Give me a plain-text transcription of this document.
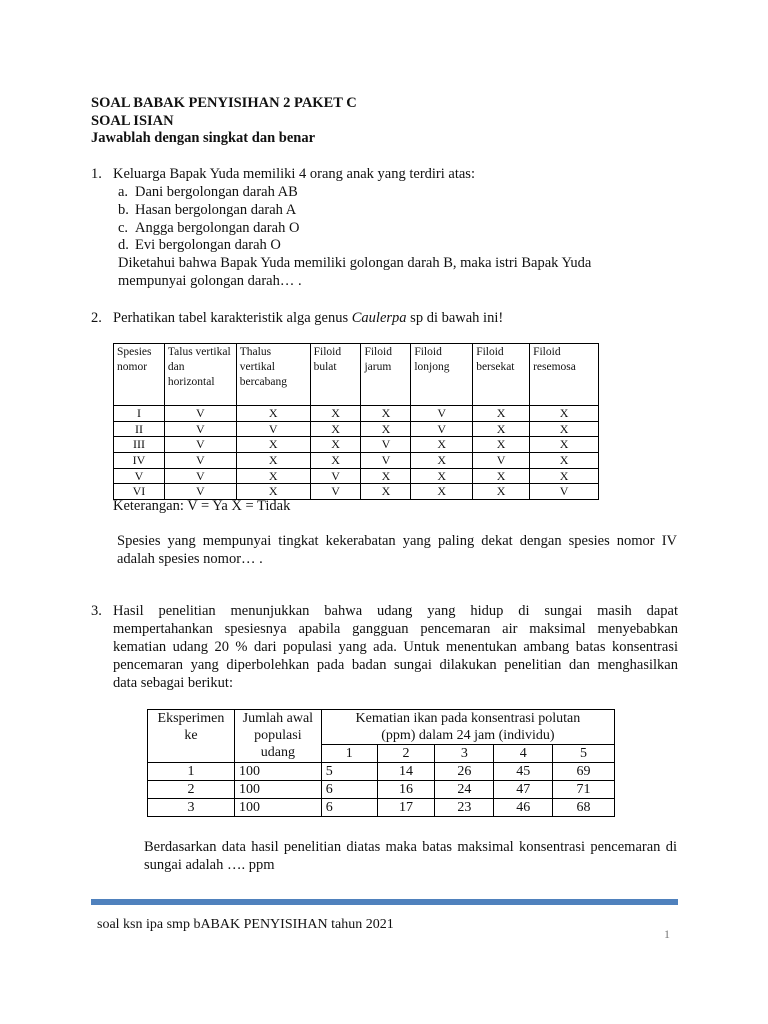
SOAL BABAK PENYISIHAN 2 PAKET C
SOAL ISIAN
Jawablah dengan singkat dan benar
1. Keluarga Bapak Yuda memiliki 4 orang anak yang terdiri atas:
a. Dani bergolongan darah AB
b. Hasan bergolongan darah A
c. Angga bergolongan darah O
d. Evi bergolongan darah O
Diketahui bahwa Bapak Yuda memiliki golongan darah B, maka istri Bapak Yuda
mempunyai golongan darah… .
2. Perhatikan tabel karakteristik alga genus Caulerpa sp di bawah ini!
Spesies nomor	Talus vertikal dan horizontal	Thalus vertikal bercabang	Filoid bulat	Filoid jarum	Filoid lonjong	Filoid bersekat	Filoid resemosa
I	V	X	X	X	V	X	X
II	V	V	X	X	V	X	X
III	V	X	X	V	X	X	X
IV	V	X	X	V	X	V	X
V	V	X	V	X	X	X	X
VI	V	X	V	X	X	X	V
Keterangan: V = Ya X = Tidak
Spesies yang mempunyai tingkat kekerabatan yang paling dekat dengan spesies nomor IV
adalah spesies nomor… .
3. Hasil penelitian menunjukkan bahwa udang yang hidup di sungai masih dapat
mempertahankan spesiesnya apabila gangguan pencemaran air maksimal menyebabkan
kematian udang 20 % dari populasi yang ada. Untuk menentukan ambang batas konsentrasi
pencemaran yang diperbolehkan pada badan sungai dilakukan penelitian dan menghasilkan
data sebagai berikut:
Eksperimen ke	Jumlah awal populasi udang	Kematian ikan pada konsentrasi polutan (ppm) dalam 24 jam (individu)				
		1	2	3	4	5
1	100	5	14	26	45	69
2	100	6	16	24	47	71
3	100	6	17	23	46	68
Berdasarkan data hasil penelitian diatas maka batas maksimal konsentrasi pencemaran di
sungai adalah …. ppm
soal ksn ipa smp bABAK PENYISIHAN tahun 2021
1
